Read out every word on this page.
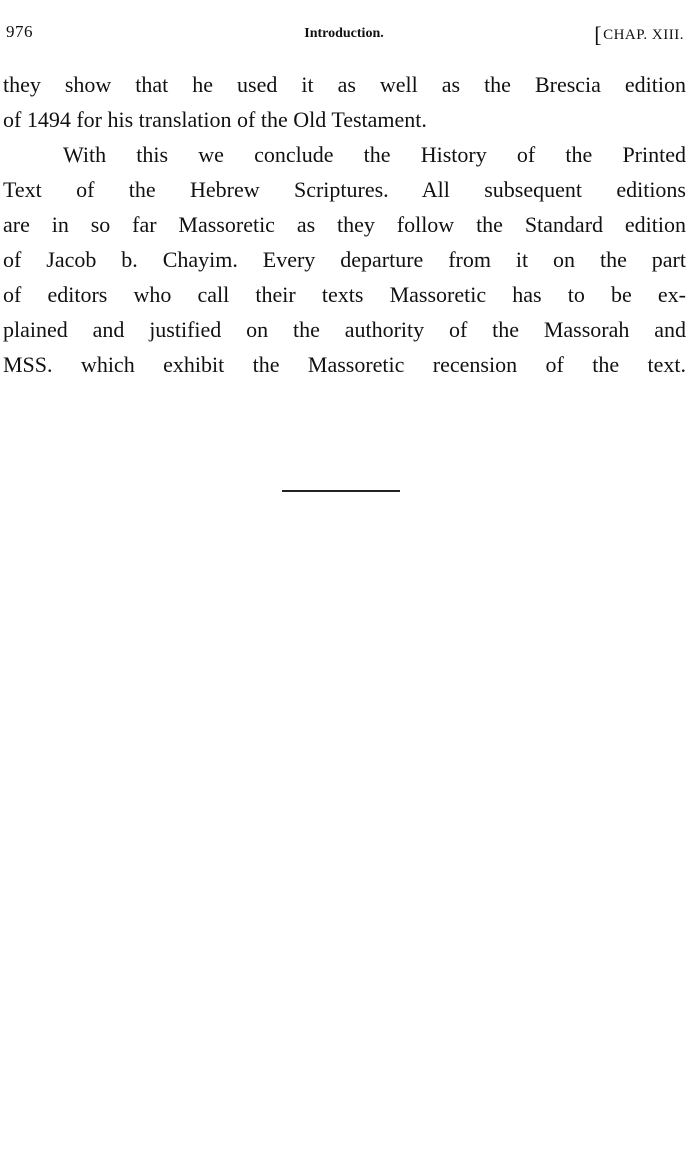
976	Introduction.	[CHAP. XIII.
they show that he used it as well as the Brescia edition
of 1494 for his translation of the Old Testament.
With this we conclude the History of the Printed
Text of the Hebrew Scriptures. All subsequent editions
are in so far Massoretic as they follow the Standard edition
of Jacob b. Chayim. Every departure from it on the part
of editors who call their texts Massoretic has to be ex-
plained and justified on the authority of the Massorah and
MSS. which exhibit the Massoretic recension of the text.
